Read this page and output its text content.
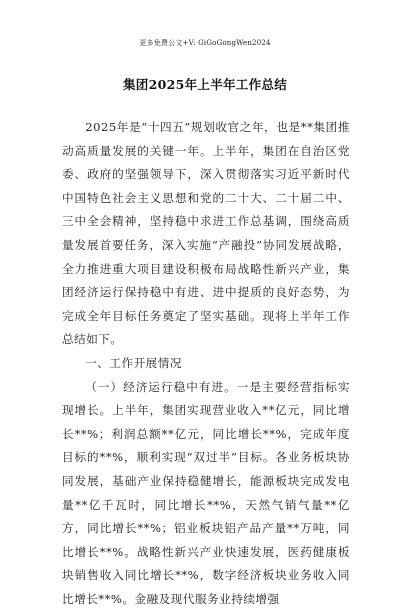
更多免费公文+V: GiGoGongWen2024
集团2025年上半年工作总结

2025年是“十四五”规划收官之年，也是**集团推动高质量发展的关键一年。上半年，集团在自治区党委、政府的坚强领导下，深入贯彻落实习近平新时代中国特色社会主义思想和党的二十大、二十届二中、三中全会精神，坚持稳中求进工作总基调，围绕高质量发展首要任务，深入实施“产融投”协同发展战略，全力推进重大项目建设积极布局战略性新兴产业，集团经济运行保持稳中有进、进中提质的良好态势，为完成全年目标任务奠定了坚实基础。现将上半年工作总结如下。

一、工作开展情况

（一）经济运行稳中有进。一是主要经营指标实现增长。上半年，集团实现营业收入**亿元，同比增长**%；利润总额**亿元，同比增长**%，完成年度目标的**%，顺利实现“双过半”目标。各业务板块协同发展，基础产业保持稳健增长，能源板块完成发电量**亿千瓦时，同比增长**%，天然气销气量**亿方，同比增长**%；铝业板块铝产品产量**万吨，同比增长**%。战略性新兴产业快速发展，医药健康板块销售收入同比增长**%，数字经济板块业务收入同比增长**%。金融及现代服务业持续增强
